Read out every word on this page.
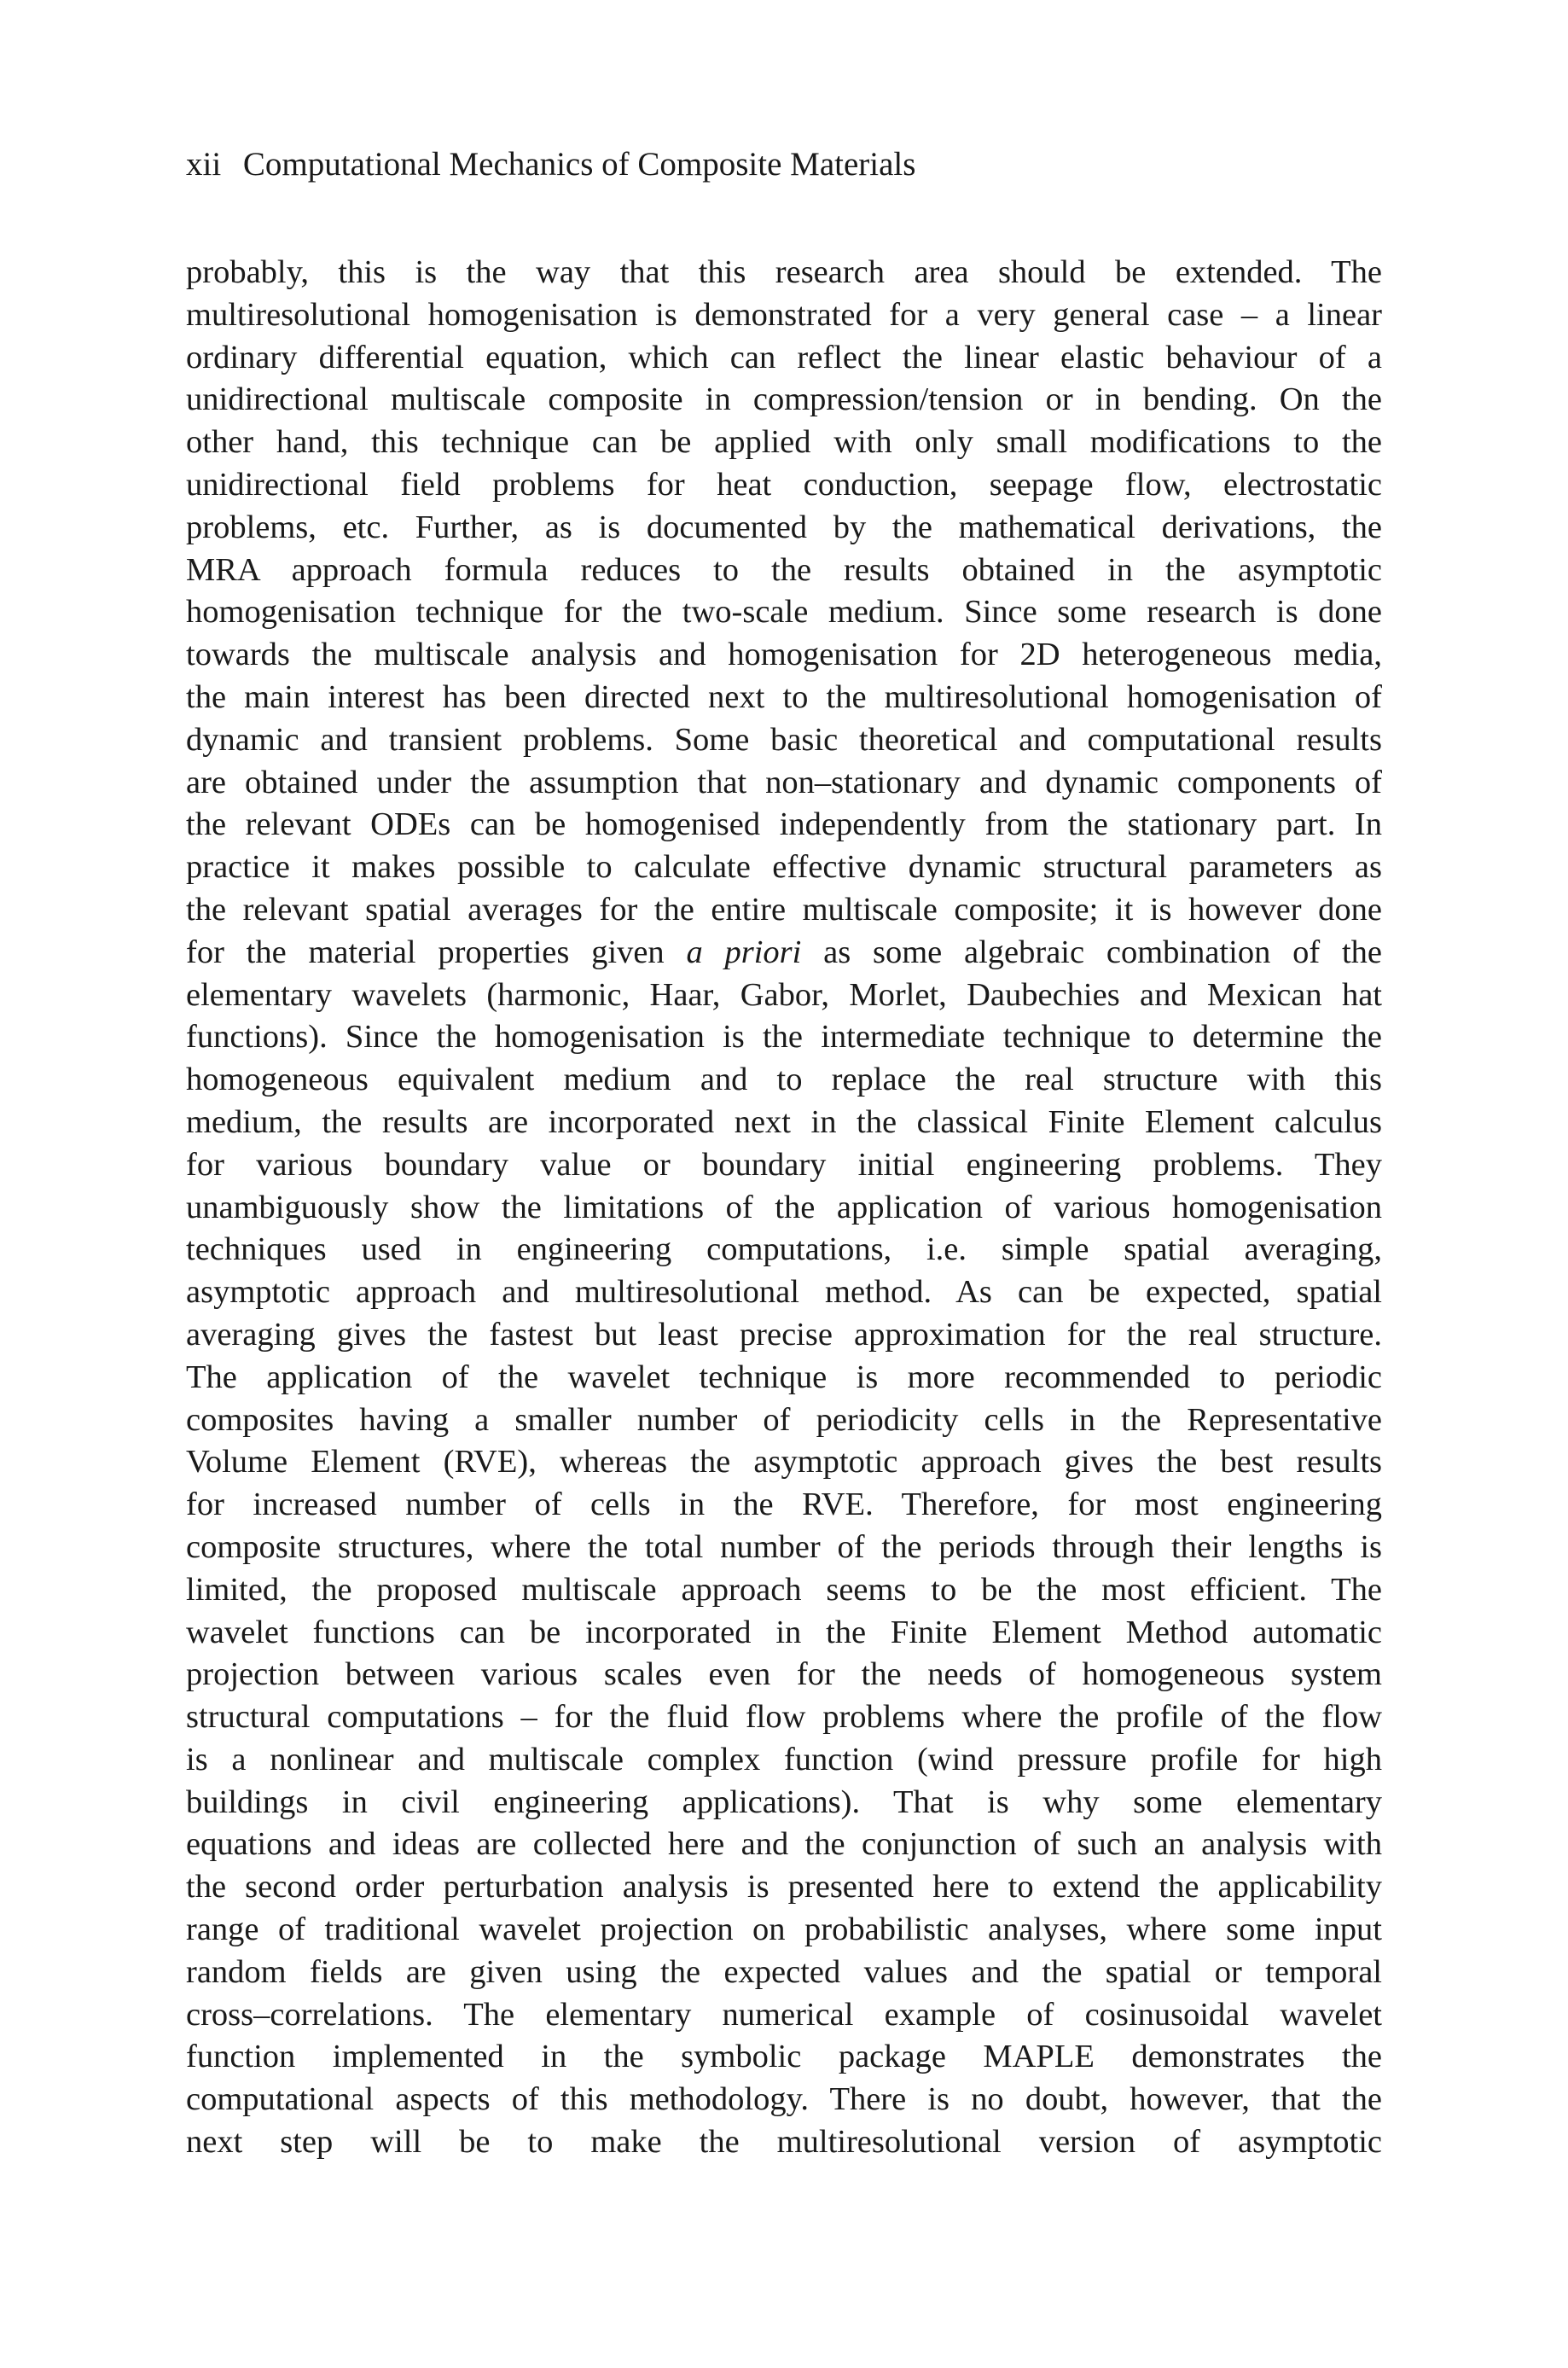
xii Computational Mechanics of Composite Materials
probably, this is the way that this research area should be extended. The
multiresolutional homogenisation is demonstrated for a very general case – a linear
ordinary differential equation, which can reflect the linear elastic behaviour of a
unidirectional multiscale composite in compression/tension or in bending. On the
other hand, this technique can be applied with only small modifications to the
unidirectional field problems for heat conduction, seepage flow, electrostatic
problems, etc. Further, as is documented by the mathematical derivations, the
MRA approach formula reduces to the results obtained in the asymptotic
homogenisation technique for the two-scale medium. Since some research is done
towards the multiscale analysis and homogenisation for 2D heterogeneous media,
the main interest has been directed next to the multiresolutional homogenisation of
dynamic and transient problems. Some basic theoretical and computational results
are obtained under the assumption that non–stationary and dynamic components of
the relevant ODEs can be homogenised independently from the stationary part. In
practice it makes possible to calculate effective dynamic structural parameters as
the relevant spatial averages for the entire multiscale composite; it is however done
for the material properties given a priori as some algebraic combination of the
elementary wavelets (harmonic, Haar, Gabor, Morlet, Daubechies and Mexican hat
functions). Since the homogenisation is the intermediate technique to determine the
homogeneous equivalent medium and to replace the real structure with this
medium, the results are incorporated next in the classical Finite Element calculus
for various boundary value or boundary initial engineering problems. They
unambiguously show the limitations of the application of various homogenisation
techniques used in engineering computations, i.e. simple spatial averaging,
asymptotic approach and multiresolutional method. As can be expected, spatial
averaging gives the fastest but least precise approximation for the real structure.
The application of the wavelet technique is more recommended to periodic
composites having a smaller number of periodicity cells in the Representative
Volume Element (RVE), whereas the asymptotic approach gives the best results
for increased number of cells in the RVE. Therefore, for most engineering
composite structures, where the total number of the periods through their lengths is
limited, the proposed multiscale approach seems to be the most efficient. The
wavelet functions can be incorporated in the Finite Element Method automatic
projection between various scales even for the needs of homogeneous system
structural computations – for the fluid flow problems where the profile of the flow
is a nonlinear and multiscale complex function (wind pressure profile for high
buildings in civil engineering applications). That is why some elementary
equations and ideas are collected here and the conjunction of such an analysis with
the second order perturbation analysis is presented here to extend the applicability
range of traditional wavelet projection on probabilistic analyses, where some input
random fields are given using the expected values and the spatial or temporal
cross–correlations. The elementary numerical example of cosinusoidal wavelet
function implemented in the symbolic package MAPLE demonstrates the
computational aspects of this methodology. There is no doubt, however, that the
next step will be to make the multiresolutional version of asymptotic
